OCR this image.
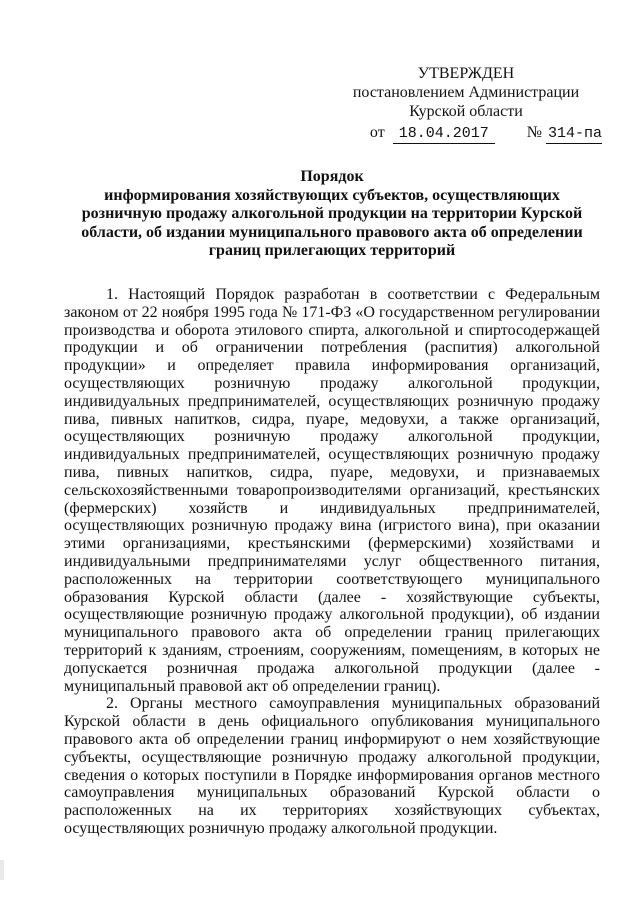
УТВЕРЖДЕН
постановлением Администрации
Курской области
от 18.04.2017 № 314-па
Порядок
информирования хозяйствующих субъектов, осуществляющих розничную продажу алкогольной продукции на территории Курской области, об издании муниципального правового акта об определении границ прилегающих территорий

1. Настоящий Порядок разработан в соответствии с Федеральным законом от 22 ноября 1995 года № 171-ФЗ «О государственном регулировании производства и оборота этилового спирта, алкогольной и спиртосодержащей продукции и об ограничении потребления (распития) алкогольной продукции» и определяет правила информирования организаций, осуществляющих розничную продажу алкогольной продукции, индивидуальных предпринимателей, осуществляющих розничную продажу пива, пивных напитков, сидра, пуаре, медовухи, а также организаций, осуществляющих розничную продажу алкогольной продукции, индивидуальных предпринимателей, осуществляющих розничную продажу пива, пивных напитков, сидра, пуаре, медовухи, и признаваемых сельскохозяйственными товаропроизводителями организаций, крестьянских (фермерских) хозяйств и индивидуальных предпринимателей, осуществляющих розничную продажу вина (игристого вина), при оказании этими организациями, крестьянскими (фермерскими) хозяйствами и индивидуальными предпринимателями услуг общественного питания, расположенных на территории соответствующего муниципального образования Курской области (далее - хозяйствующие субъекты, осуществляющие розничную продажу алкогольной продукции), об издании муниципального правового акта об определении границ прилегающих территорий к зданиям, строениям, сооружениям, помещениям, в которых не допускается розничная продажа алкогольной продукции (далее - муниципальный правовой акт об определении границ).

2. Органы местного самоуправления муниципальных образований Курской области в день официального опубликования муниципального правового акта об определении границ информируют о нем хозяйствующие субъекты, осуществляющие розничную продажу алкогольной продукции, сведения о которых поступили в Порядке информирования органов местного самоуправления муниципальных образований Курской области о расположенных на их территориях хозяйствующих субъектах, осуществляющих розничную продажу алкогольной продукции.
